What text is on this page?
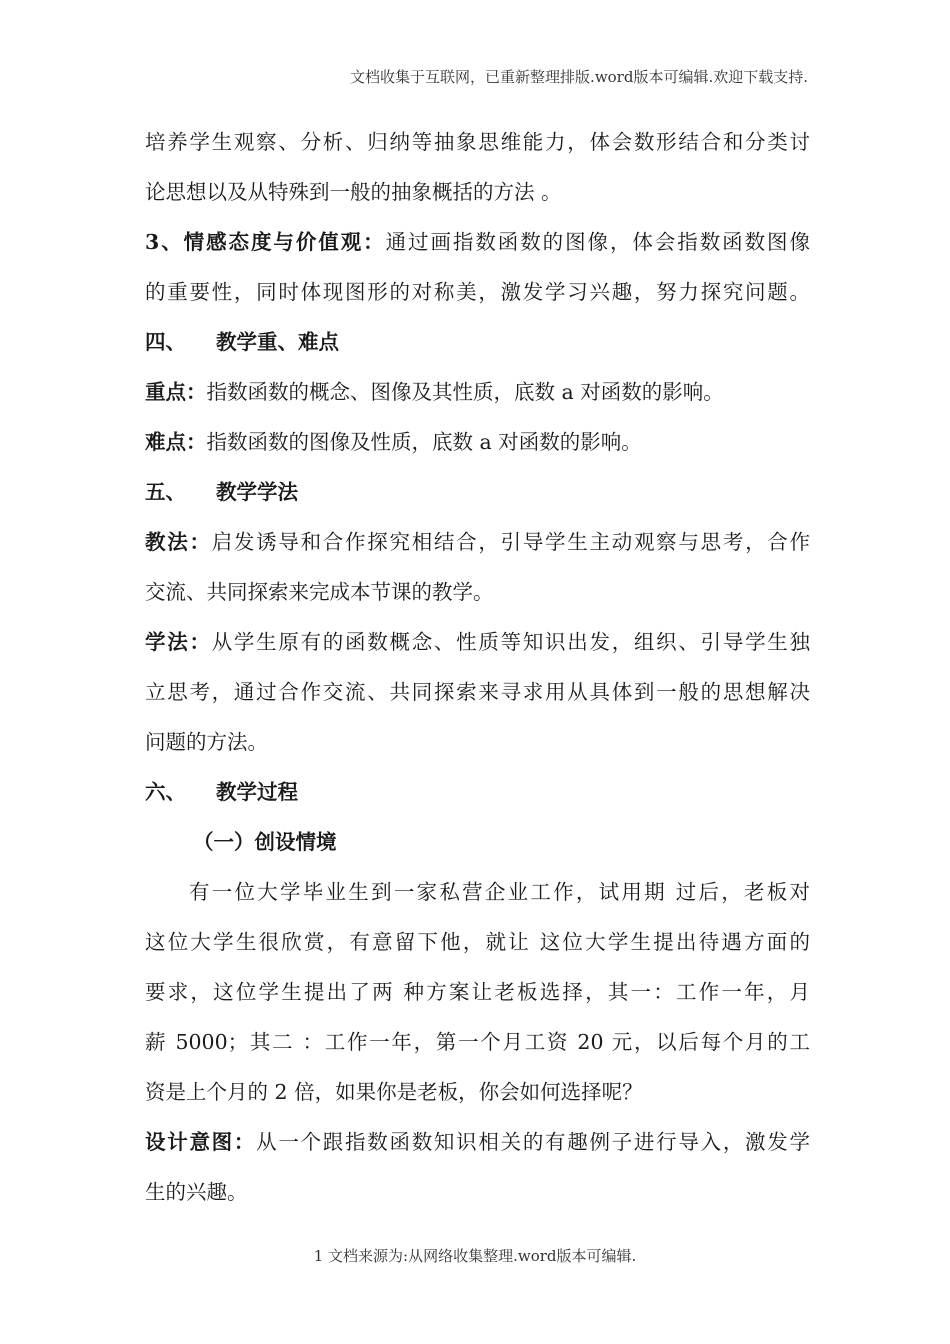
文档收集于互联网，已重新整理排版.word版本可编辑.欢迎下载支持.
培养学生观察、分析、归纳等抽象思维能力，体会数形结合和分类讨
论思想以及从特殊到一般的抽象概括的方法 。
3、情感态度与价值观：通过画指数函数的图像，体会指数函数图像
的重要性，同时体现图形的对称美，激发学习兴趣，努力探究问题。
四、 教学重、难点
重点：指数函数的概念、图像及其性质，底数 a 对函数的影响。
难点：指数函数的图像及性质，底数 a 对函数的影响。
五、 教学学法
教法：启发诱导和合作探究相结合，引导学生主动观察与思考，合作
交流、共同探索来完成本节课的教学。
学法：从学生原有的函数概念、性质等知识出发，组织、引导学生独
立思考，通过合作交流、共同探索来寻求用从具体到一般的思想解决
问题的方法。
六、 教学过程
（一）创设情境
有一位大学毕业生到一家私营企业工作，试用期 过后，老板对
这位大学生很欣赏，有意留下他，就让 这位大学生提出待遇方面的
要求，这位学生提出了两 种方案让老板选择，其一：工作一年，月
薪 5000；其二 ：工作一年，第一个月工资 20 元，以后每个月的工
资是上个月的 2 倍，如果你是老板，你会如何选择呢？
设计意图：从一个跟指数函数知识相关的有趣例子进行导入，激发学
生的兴趣。
1 文档来源为:从网络收集整理.word版本可编辑.
